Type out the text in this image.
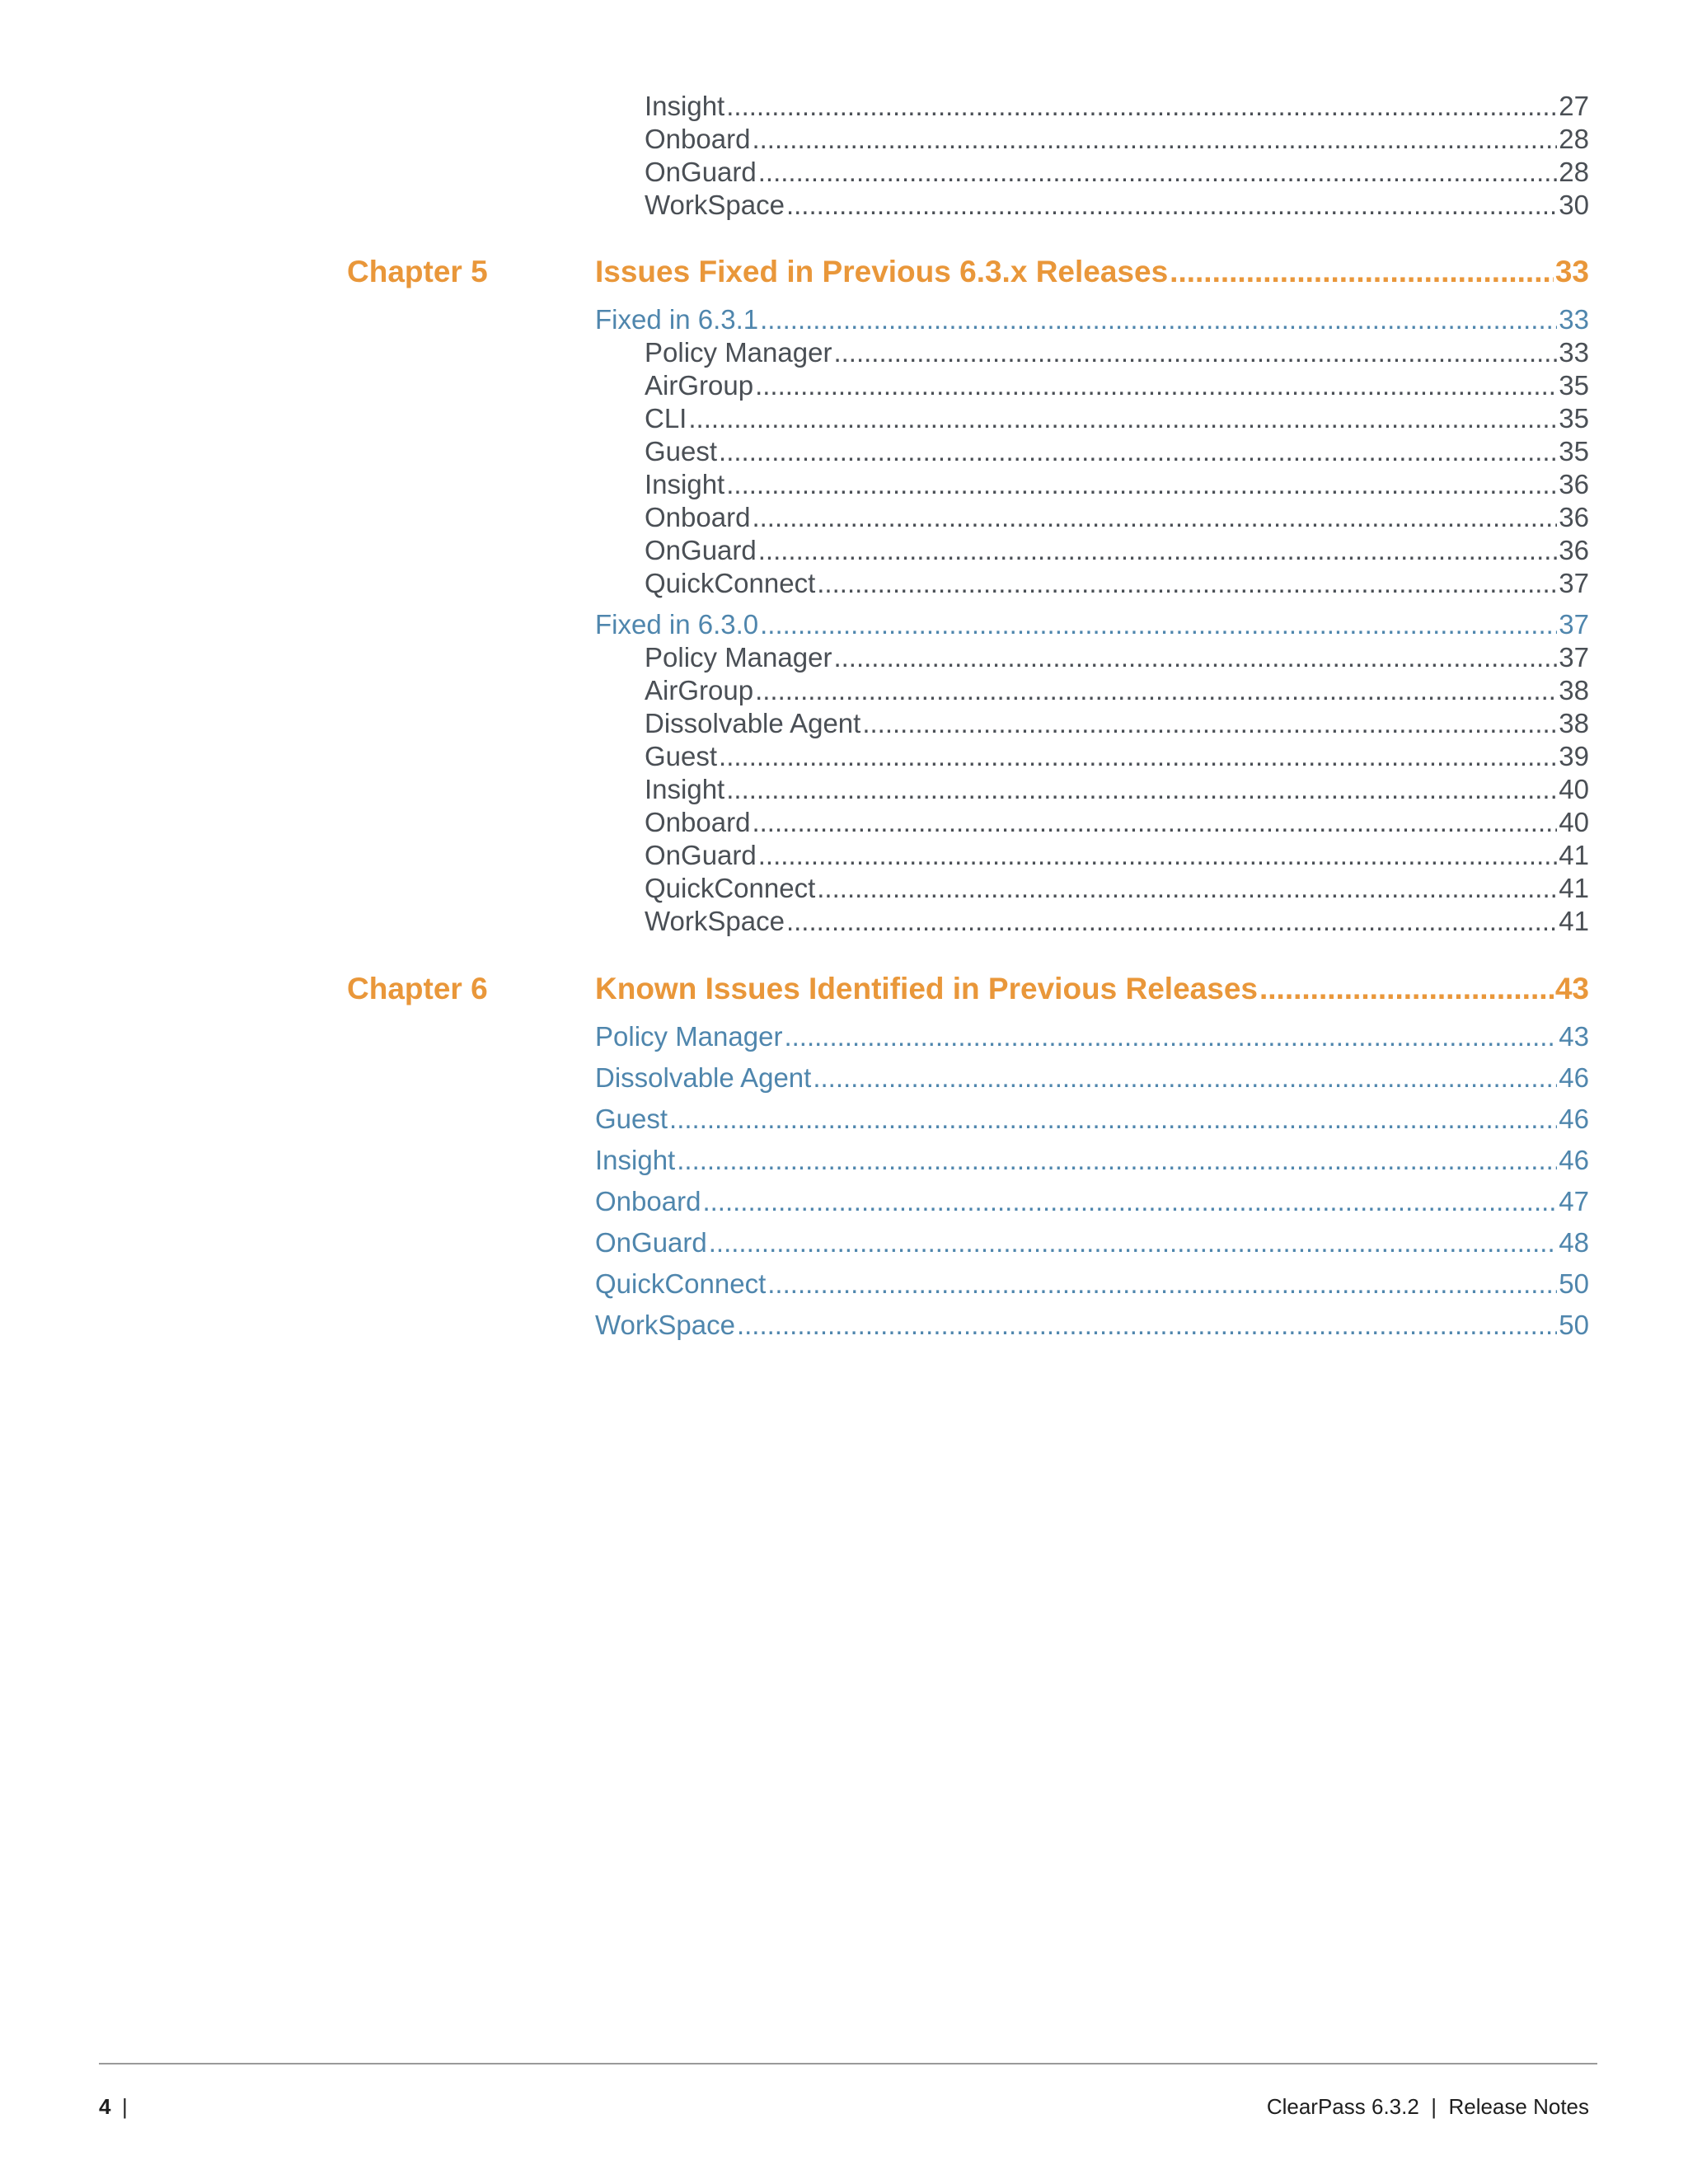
Insight .....	27
Onboard .....	28
OnGuard .....	28
WorkSpace .....	30
Chapter 5	Issues Fixed in Previous 6.3.x Releases .....	33
Fixed in 6.3.1 .....	33
Policy Manager .....	33
AirGroup .....	35
CLI .....	35
Guest .....	35
Insight .....	36
Onboard .....	36
OnGuard .....	36
QuickConnect .....	37
Fixed in 6.3.0 .....	37
Policy Manager .....	37
AirGroup .....	38
Dissolvable Agent .....	38
Guest .....	39
Insight .....	40
Onboard .....	40
OnGuard .....	41
QuickConnect .....	41
WorkSpace .....	41
Chapter 6	Known Issues Identified in Previous Releases .....	43
Policy Manager .....	43
Dissolvable Agent .....	46
Guest .....	46
Insight .....	46
Onboard .....	47
OnGuard .....	48
QuickConnect .....	50
WorkSpace .....	50
4 |	ClearPass 6.3.2  |  Release Notes
